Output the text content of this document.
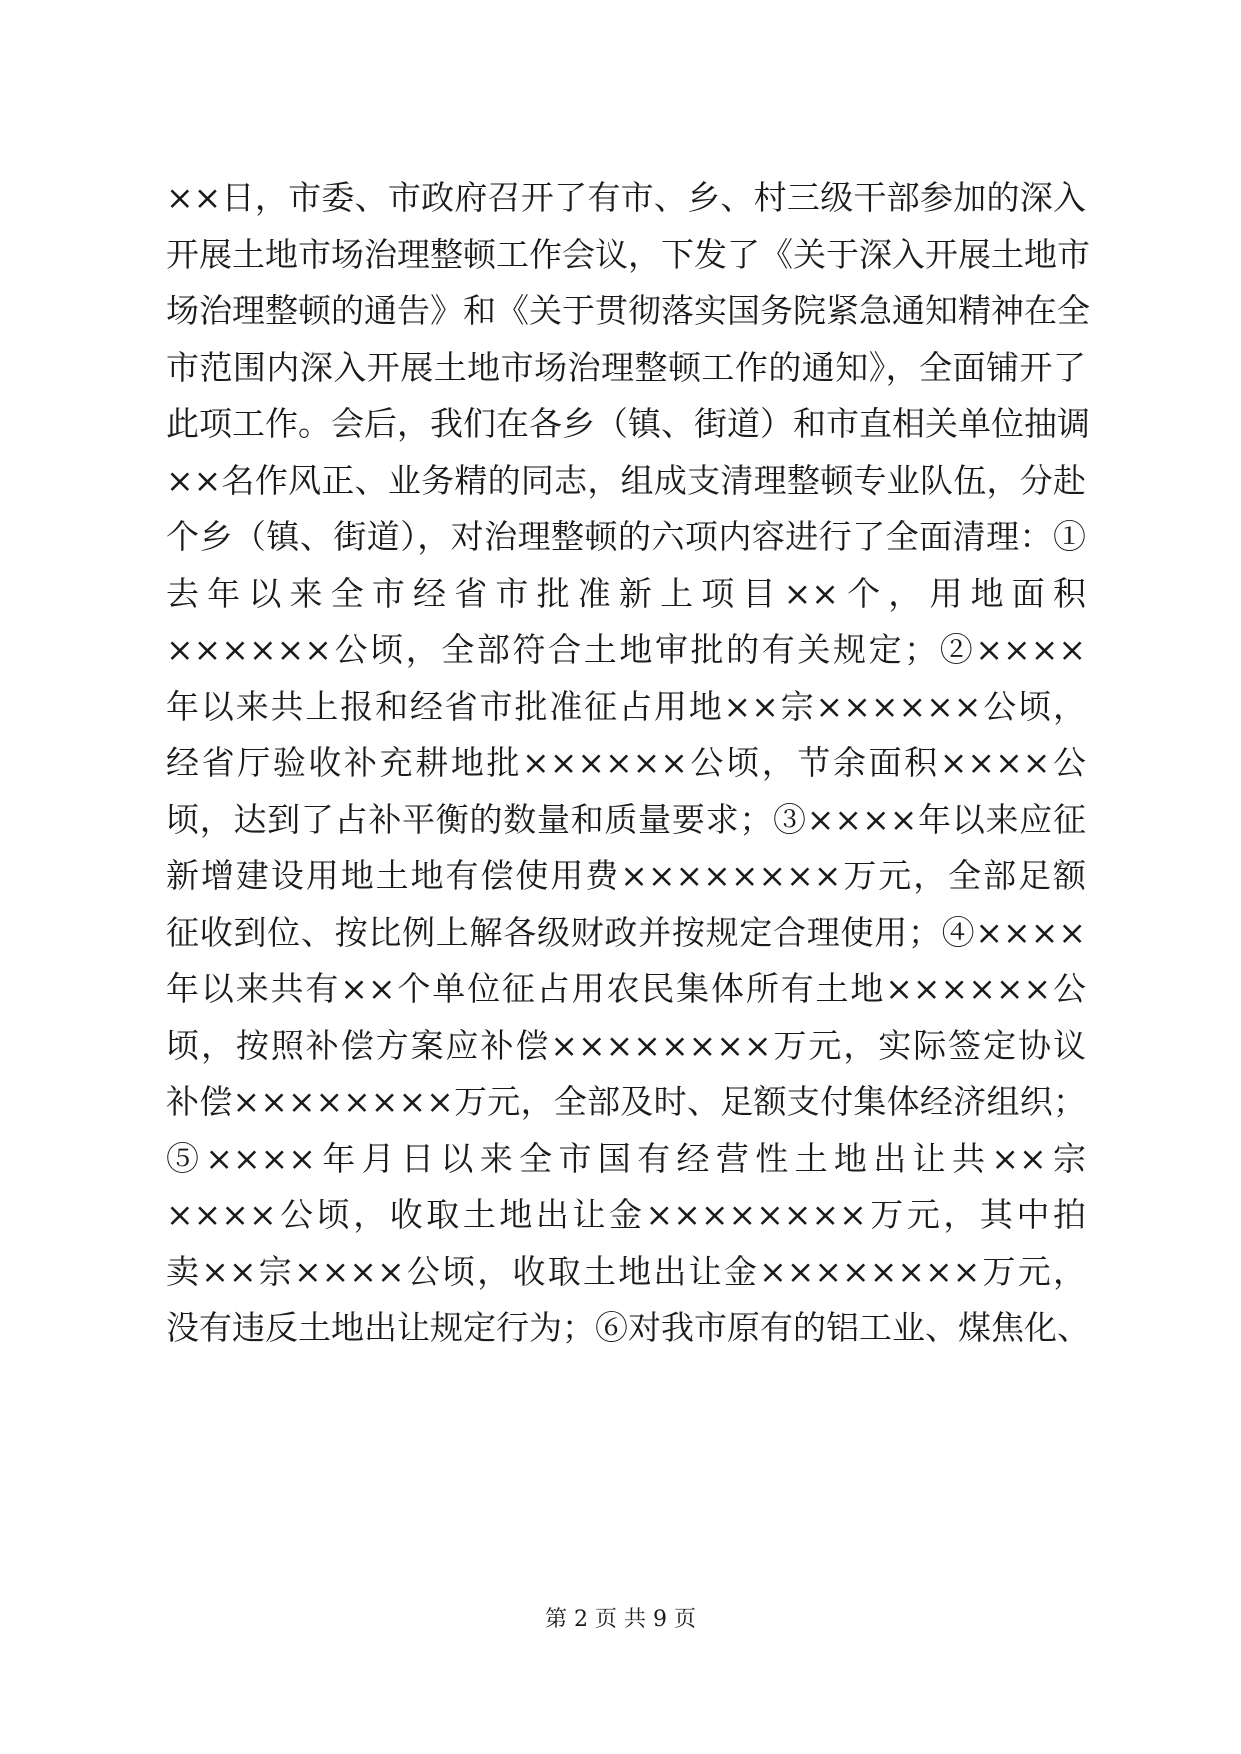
××日，市委、市政府召开了有市、乡、村三级干部参加的深入
开展土地市场治理整顿工作会议，下发了《关于深入开展土地市
场治理整顿的通告》和《关于贯彻落实国务院紧急通知精神在全
市范围内深入开展土地市场治理整顿工作的通知》，全面铺开了
此项工作。会后，我们在各乡（镇、街道）和市直相关单位抽调
××名作风正、业务精的同志，组成支清理整顿专业队伍，分赴
个乡（镇、街道），对治理整顿的六项内容进行了全面清理：①
去年以来全市经省市批准新上项目××个，用地面积
××××××公顷，全部符合土地审批的有关规定；②××××
年以来共上报和经省市批准征占用地××宗××××××公顷，
经省厅验收补充耕地批××××××公顷，节余面积××××公
顷，达到了占补平衡的数量和质量要求；③××××年以来应征
新增建设用地土地有偿使用费××××××××万元，全部足额
征收到位、按比例上解各级财政并按规定合理使用；④××××
年以来共有××个单位征占用农民集体所有土地××××××公
顷，按照补偿方案应补偿××××××××万元，实际签定协议
补偿××××××××万元，全部及时、足额支付集体经济组织；
⑤××××年月日以来全市国有经营性土地出让共××宗
××××公顷，收取土地出让金××××××××万元，其中拍
卖××宗××××公顷，收取土地出让金××××××××万元，
没有违反土地出让规定行为；⑥对我市原有的铝工业、煤焦化、
第 2 页 共 9 页
